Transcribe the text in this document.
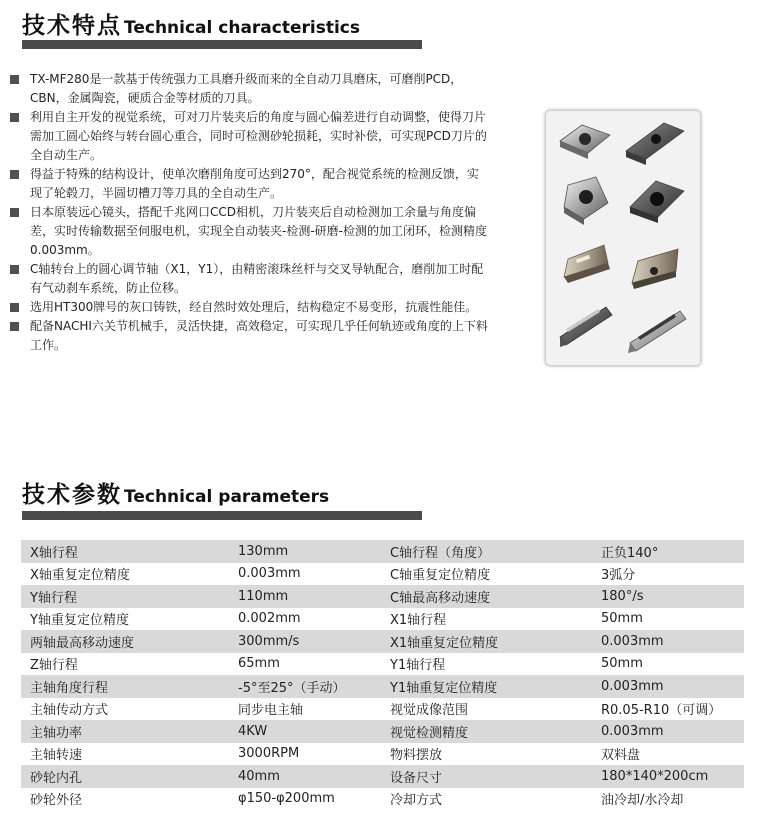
技术特点 Technical characteristics
TX-MF280是一款基于传统强力工具磨升级而来的全自动刀具磨床，可磨削PCD，CBN，金属陶瓷，硬质合金等材质的刀具。
利用自主开发的视觉系统，可对刀片装夹后的角度与圆心偏差进行自动调整，使得刀片需加工圆心始终与转台圆心重合，同时可检测砂轮损耗，实时补偿，可实现PCD刀片的全自动生产。
得益于特殊的结构设计，使单次磨削角度可达到270°，配合视觉系统的检测反馈，实现了轮毂刀，半圆切槽刀等刀具的全自动生产。
日本原装远心镜头，搭配千兆网口CCD相机，刀片装夹后自动检测加工余量与角度偏差，实时传输数据至伺服电机，实现全自动装夹-检测-研磨-检测的加工闭环，检测精度0.003mm。
C轴转台上的圆心调节轴（X1，Y1），由精密滚珠丝杆与交叉导轨配合，磨削加工时配有气动刹车系统，防止位移。
选用HT300牌号的灰口铸铁，经自然时效处理后，结构稳定不易变形，抗震性能佳。
配备NACHI六关节机械手，灵活快捷，高效稳定，可实现几乎任何轨迹或角度的上下料工作。
技术参数 Technical parameters
X轴行程	130mm	C轴行程（角度）	正负140°
X轴重复定位精度	0.003mm	C轴重复定位精度	3弧分
Y轴行程	110mm	C轴最高移动速度	180°/s
Y轴重复定位精度	0.002mm	X1轴行程	50mm
两轴最高移动速度	300mm/s	X1轴重复定位精度	0.003mm
Z轴行程	65mm	Y1轴行程	50mm
主轴角度行程	-5°至25°（手动）	Y1轴重复定位精度	0.003mm
主轴传动方式	同步电主轴	视觉成像范围	R0.05-R10（可调）
主轴功率	4KW	视觉检测精度	0.003mm
主轴转速	3000RPM	物料摆放	双料盘
砂轮内孔	40mm	设备尺寸	180*140*200cm
砂轮外径	φ150-φ200mm	冷却方式	油冷却/水冷却
